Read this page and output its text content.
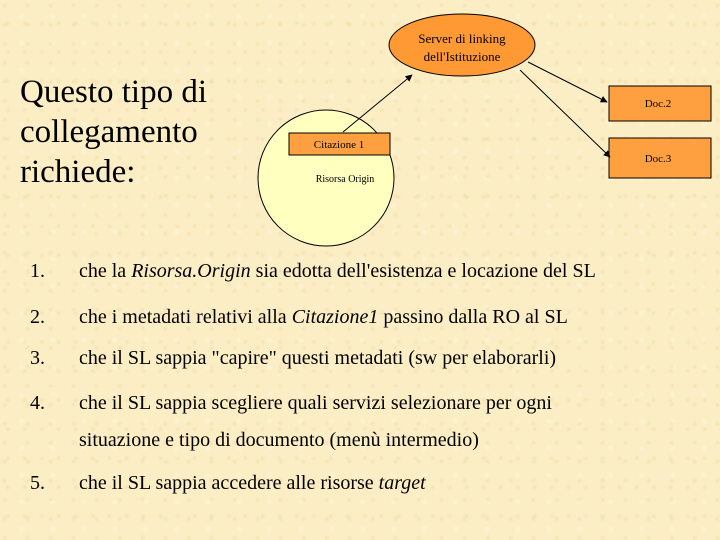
Questo tipo di
collegamento
richiede:
Citazione 1
Risorsa Origin
Server di linking
dell'Istituzione
Doc.2
Doc.3
1. che la Risorsa.Origin sia edotta dell'esistenza e locazione del SL
2. che i metadati relativi alla Citazione1 passino dalla RO al SL
3. che il SL sappia "capire" questi metadati (sw per elaborarli)
4. che il SL sappia scegliere quali servizi selezionare per ogni
situazione e tipo di documento (menù intermedio)
5. che il SL sappia accedere alle risorse target
